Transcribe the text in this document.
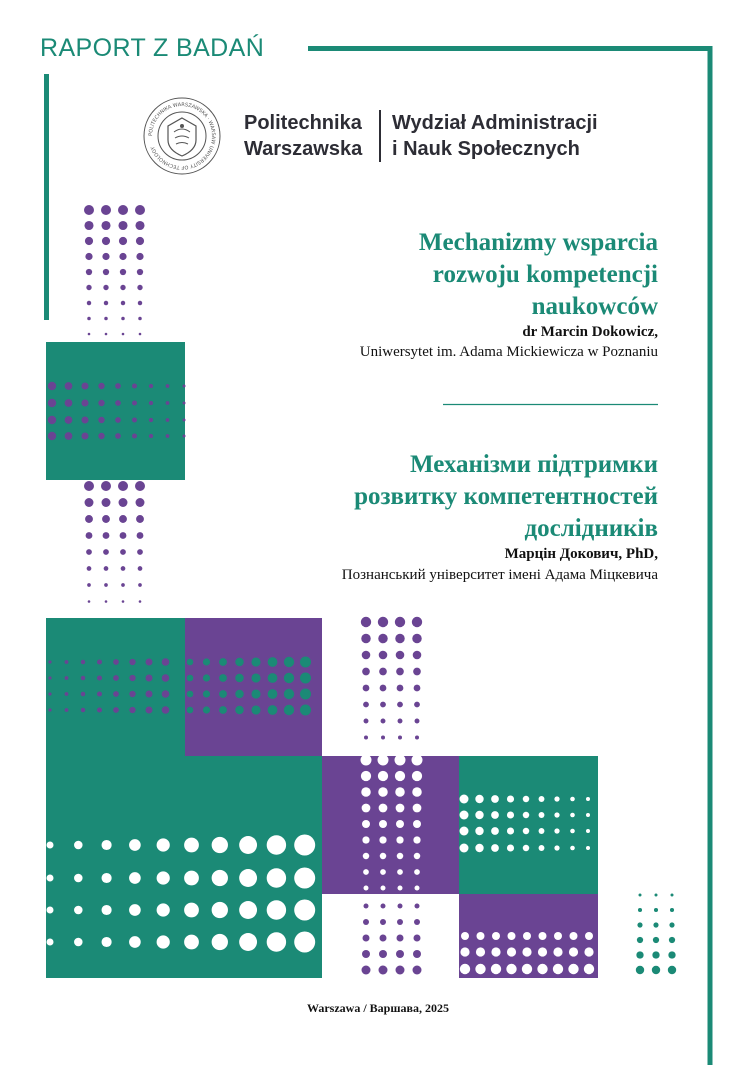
RAPORT Z BADAŃ
POLITECHNIKA WARSZAWSKA · WARSAW UNIVERSITY OF TECHNOLOGY
Politechnika
Warszawska
Wydział Administracji
i Nauk Społecznych
Mechanizmy wsparcia
rozwoju kompetencji
naukowców
dr Marcin Dokowicz,
Uniwersytet im. Adama Mickiewicza w Poznaniu
Механізми підтримки
розвитку компетентностей
дослідників
Марцін Докович, PhD,
Познанський університет імені Адама Міцкевича
Warszawa / Варшава, 2025
